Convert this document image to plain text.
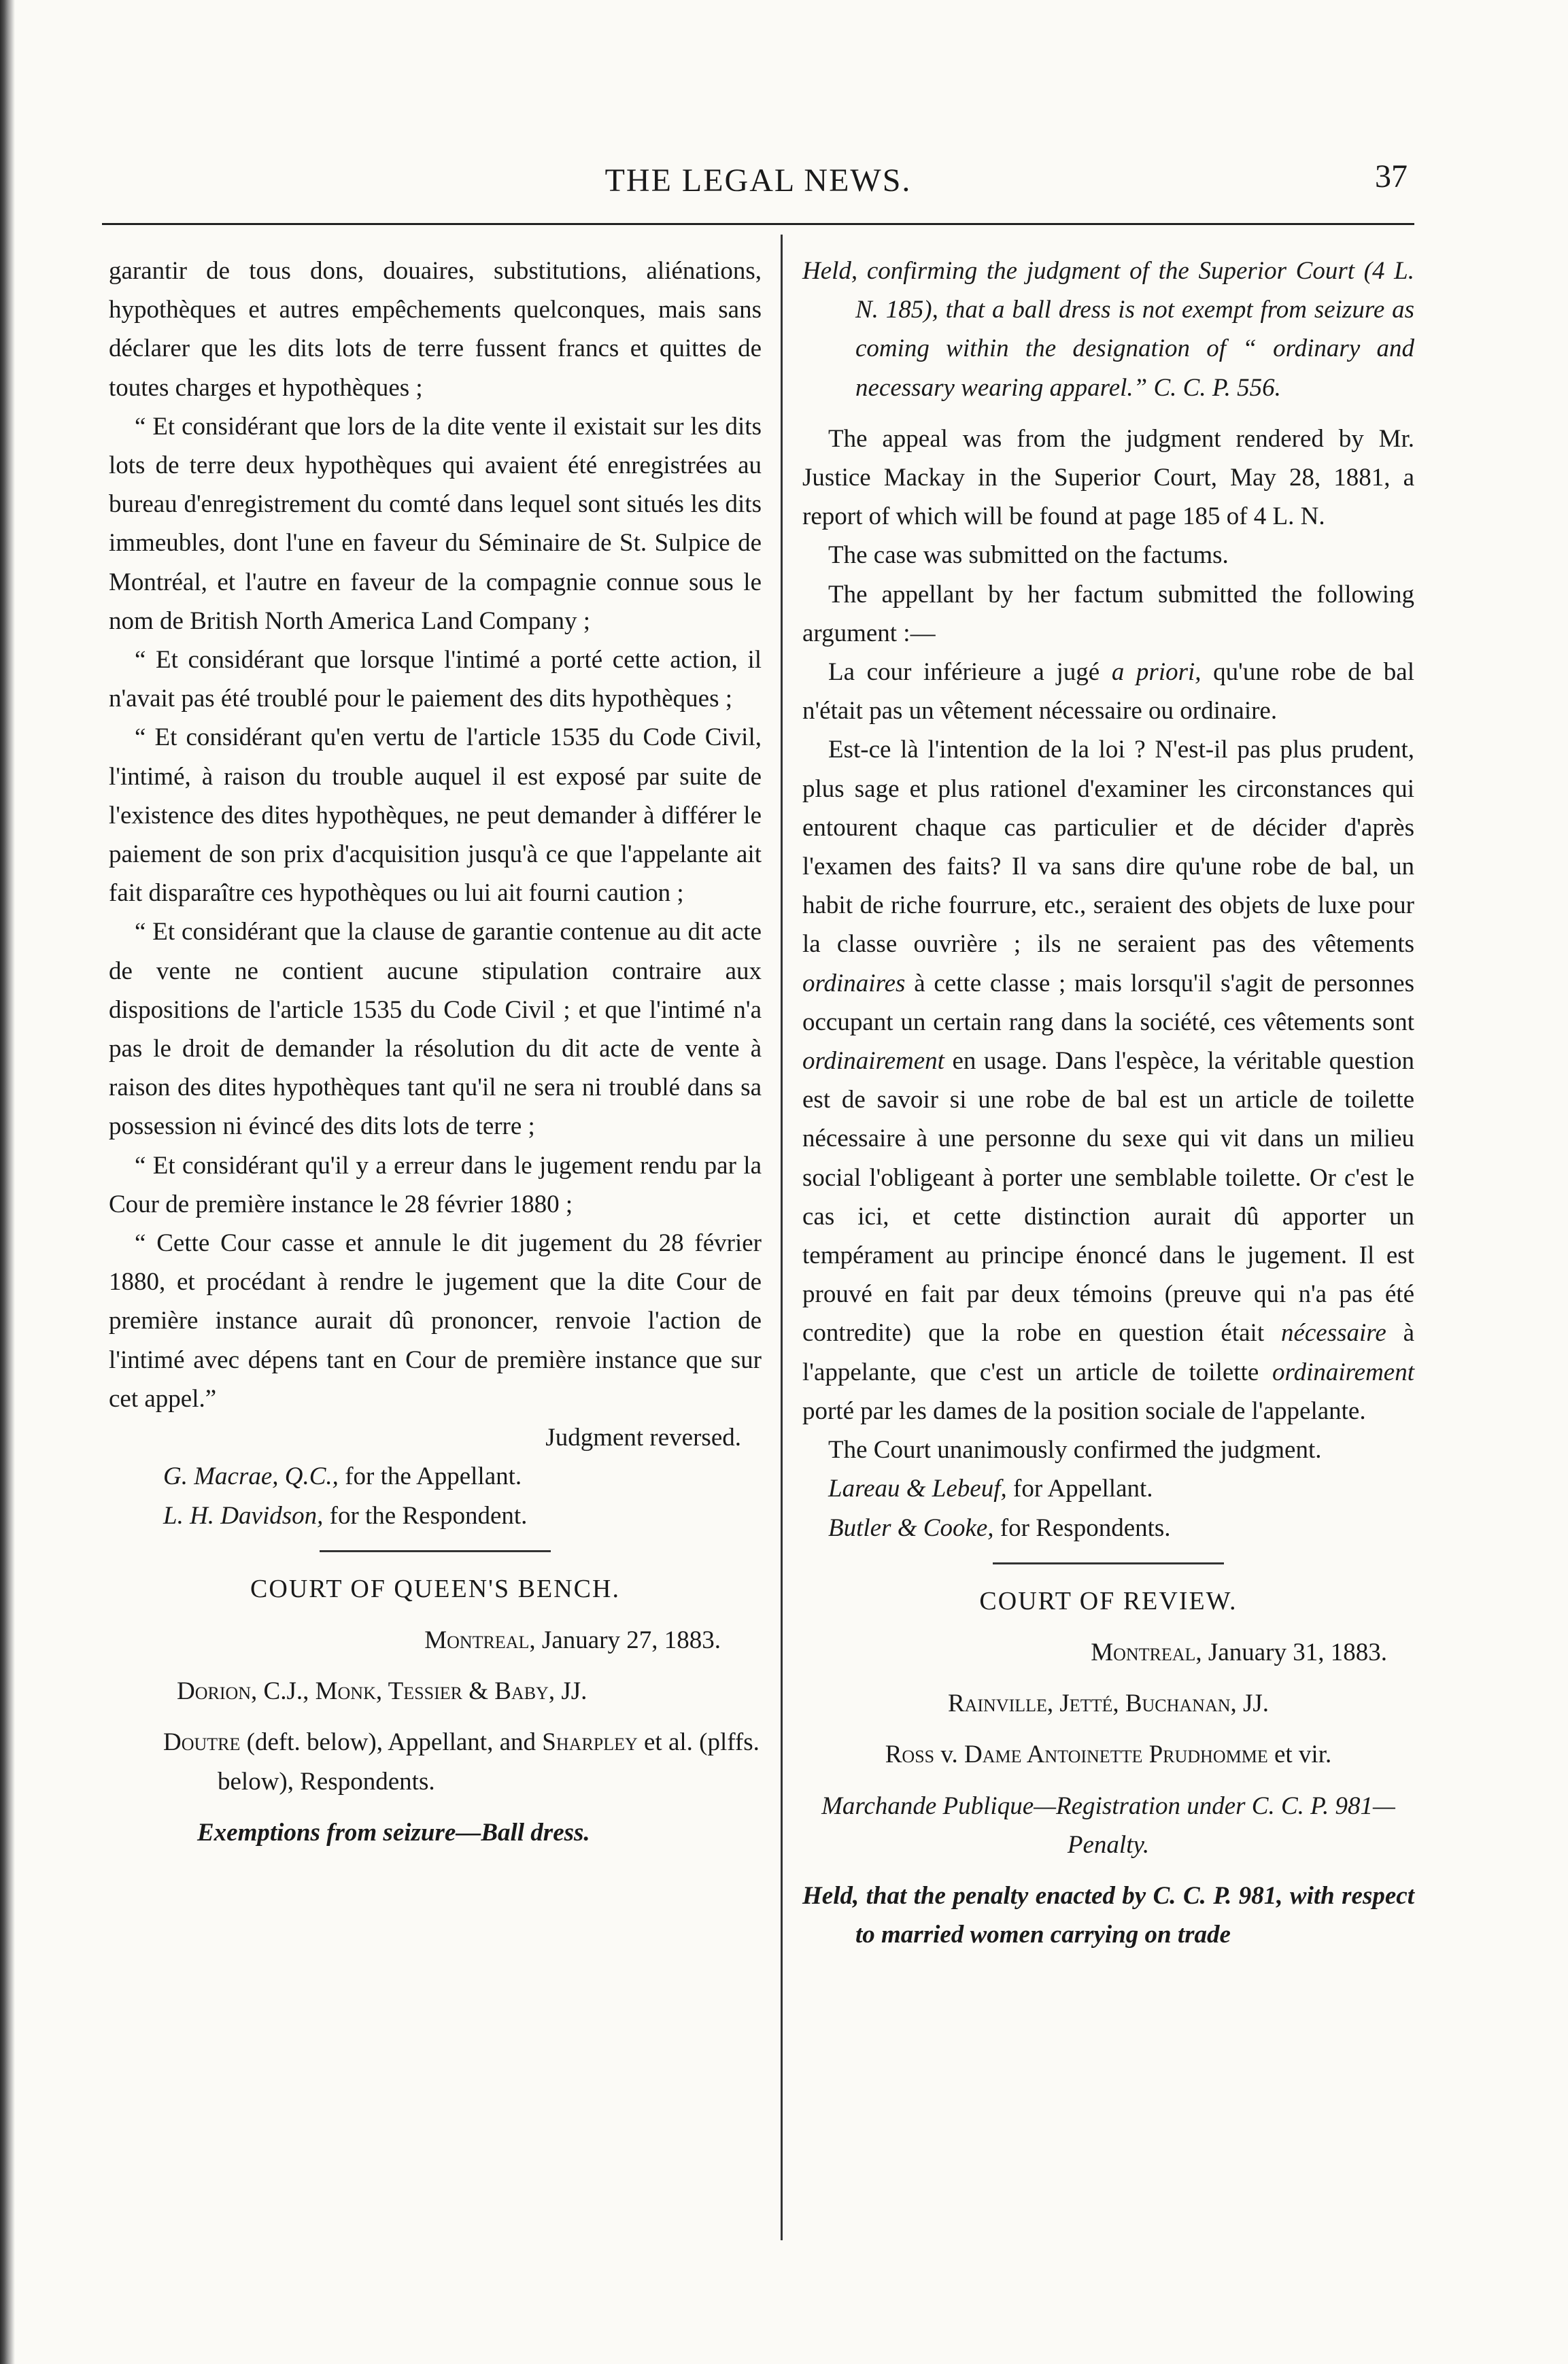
THE LEGAL NEWS.	37

garantir de tous dons, douaires, substitutions, aliénations, hypothèques et autres empêchements quelconques, mais sans déclarer que les dits lots de terre fussent francs et quittes de toutes charges et hypothèques ;

“ Et considérant que lors de la dite vente il existait sur les dits lots de terre deux hypothèques qui avaient été enregistrées au bureau d'enregistrement du comté dans lequel sont situés les dits immeubles, dont l'une en faveur du Séminaire de St. Sulpice de Montréal, et l'autre en faveur de la compagnie connue sous le nom de British North America Land Company ;

“ Et considérant que lorsque l'intimé a porté cette action, il n'avait pas été troublé pour le paiement des dits hypothèques ;

“ Et considérant qu'en vertu de l'article 1535 du Code Civil, l'intimé, à raison du trouble auquel il est exposé par suite de l'existence des dites hypothèques, ne peut demander à différer le paiement de son prix d'acquisition jusqu'à ce que l'appelante ait fait disparaître ces hypothèques ou lui ait fourni caution ;

“ Et considérant que la clause de garantie contenue au dit acte de vente ne contient aucune stipulation contraire aux dispositions de l'article 1535 du Code Civil ; et que l'intimé n'a pas le droit de demander la résolution du dit acte de vente à raison des dites hypothèques tant qu'il ne sera ni troublé dans sa possession ni évincé des dits lots de terre ;

“ Et considérant qu'il y a erreur dans le jugement rendu par la Cour de première instance le 28 février 1880 ;

“ Cette Cour casse et annule le dit jugement du 28 février 1880, et procédant à rendre le jugement que la dite Cour de première instance aurait dû prononcer, renvoie l'action de l'intimé avec dépens tant en Cour de première instance que sur cet appel.”

Judgment reversed.

G. Macrae, Q.C., for the Appellant.

L. H. Davidson, for the Respondent.

COURT OF QUEEN'S BENCH.

Montreal, January 27, 1883.

Dorion, C.J., Monk, Tessier & Baby, JJ.

Doutre (deft. below), Appellant, and Sharpley et al. (plffs. below), Respondents.

Exemptions from seizure—Ball dress.

Held, confirming the judgment of the Superior Court (4 L. N. 185), that a ball dress is not exempt from seizure as coming within the designation of “ ordinary and necessary wearing apparel.” C. C. P. 556.

The appeal was from the judgment rendered by Mr. Justice Mackay in the Superior Court, May 28, 1881, a report of which will be found at page 185 of 4 L. N.

The case was submitted on the factums.

The appellant by her factum submitted the following argument :—

La cour inférieure a jugé a priori, qu'une robe de bal n'était pas un vêtement nécessaire ou ordinaire.

Est-ce là l'intention de la loi ? N'est-il pas plus prudent, plus sage et plus rationel d'examiner les circonstances qui entourent chaque cas particulier et de décider d'après l'examen des faits? Il va sans dire qu'une robe de bal, un habit de riche fourrure, etc., seraient des objets de luxe pour la classe ouvrière ; ils ne seraient pas des vêtements ordinaires à cette classe ; mais lorsqu'il s'agit de personnes occupant un certain rang dans la société, ces vêtements sont ordinairement en usage. Dans l'espèce, la véritable question est de savoir si une robe de bal est un article de toilette nécessaire à une personne du sexe qui vit dans un milieu social l'obligeant à porter une semblable toilette. Or c'est le cas ici, et cette distinction aurait dû apporter un tempérament au principe énoncé dans le jugement. Il est prouvé en fait par deux témoins (preuve qui n'a pas été contredite) que la robe en question était nécessaire à l'appelante, que c'est un article de toilette ordinairement porté par les dames de la position sociale de l'appelante.

The Court unanimously confirmed the judgment.

Lareau & Lebeuf, for Appellant.

Butler & Cooke, for Respondents.

COURT OF REVIEW.

Montreal, January 31, 1883.

Rainville, Jetté, Buchanan, JJ.

Ross v. Dame Antoinette Prudhomme et vir.

Marchande Publique—Registration under C. C. P. 981—Penalty.

Held, that the penalty enacted by C. C. P. 981, with respect to married women carrying on trade
